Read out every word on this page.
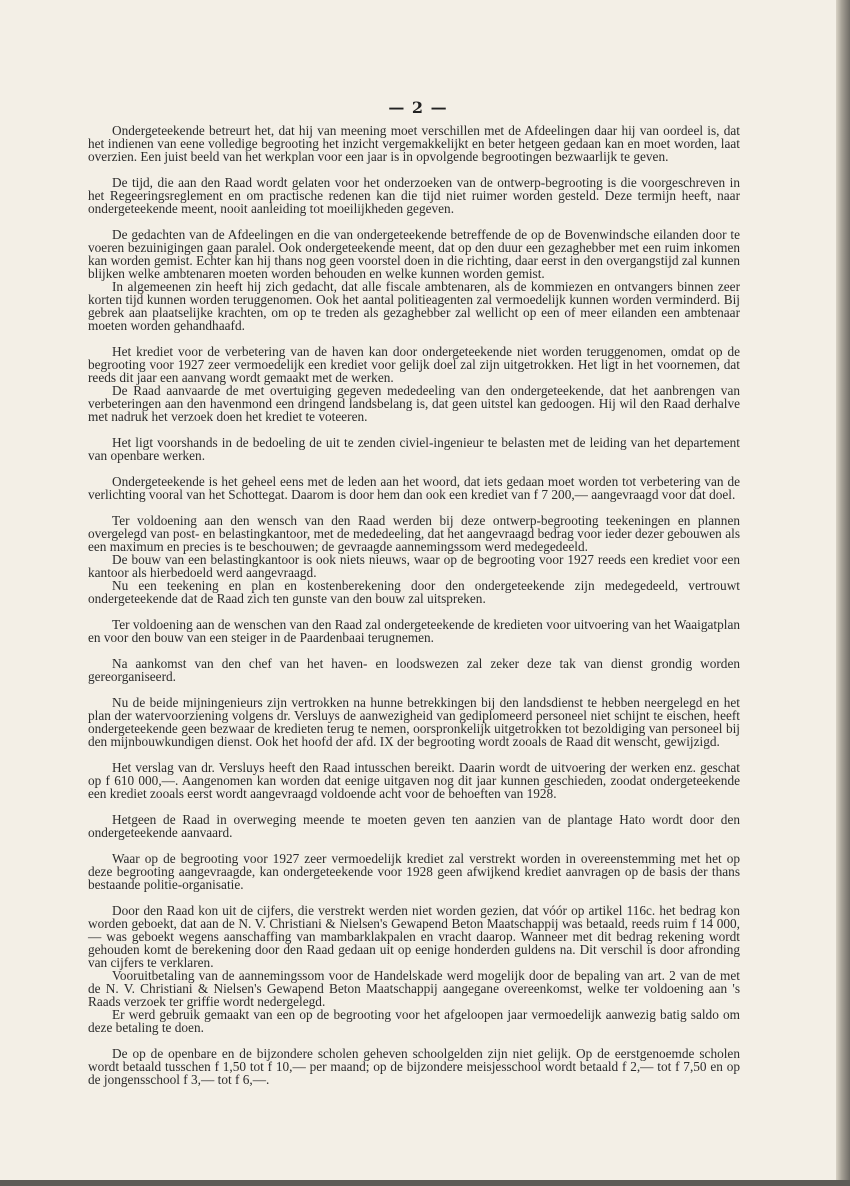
— 2 —

Ondergeteekende betreurt het, dat hij van meening moet verschillen met de Afdeelingen daar hij van oordeel is, dat het indienen van eene volledige begrooting het inzicht vergemakkelijkt en beter hetgeen gedaan kan en moet worden, laat overzien. Een juist beeld van het werkplan voor een jaar is in opvolgende begrootingen bezwaarlijk te geven.

De tijd, die aan den Raad wordt gelaten voor het onderzoeken van de ontwerp-begrooting is die voorgeschreven in het Regeeringsreglement en om practische redenen kan die tijd niet ruimer worden gesteld. Deze termijn heeft, naar ondergeteekende meent, nooit aanleiding tot moeilijkheden gegeven.

De gedachten van de Afdeelingen en die van ondergeteekende betreffende de op de Bovenwindsche eilanden door te voeren bezuinigingen gaan paralel. Ook ondergeteekende meent, dat op den duur een gezaghebber met een ruim inkomen kan worden gemist. Echter kan hij thans nog geen voorstel doen in die richting, daar eerst in den overgangstijd zal kunnen blijken welke ambtenaren moeten worden behouden en welke kunnen worden gemist.

In algemeenen zin heeft hij zich gedacht, dat alle fiscale ambtenaren, als de kommiezen en ontvangers binnen zeer korten tijd kunnen worden teruggenomen. Ook het aantal politieagenten zal vermoedelijk kunnen worden verminderd. Bij gebrek aan plaatselijke krachten, om op te treden als gezaghebber zal wellicht op een of meer eilanden een ambtenaar moeten worden gehandhaafd.

Het krediet voor de verbetering van de haven kan door ondergeteekende niet worden teruggenomen, omdat op de begrooting voor 1927 zeer vermoedelijk een krediet voor gelijk doel zal zijn uitgetrokken. Het ligt in het voornemen, dat reeds dit jaar een aanvang wordt gemaakt met de werken.

De Raad aanvaarde de met overtuiging gegeven mededeeling van den ondergeteekende, dat het aanbrengen van verbeteringen aan den havenmond een dringend landsbelang is, dat geen uitstel kan gedoogen. Hij wil den Raad derhalve met nadruk het verzoek doen het krediet te voteeren.

Het ligt voorshands in de bedoeling de uit te zenden civiel-ingenieur te belasten met de leiding van het departement van openbare werken.

Ondergeteekende is het geheel eens met de leden aan het woord, dat iets gedaan moet worden tot verbetering van de verlichting vooral van het Schottegat. Daarom is door hem dan ook een krediet van f 7 200,— aangevraagd voor dat doel.

Ter voldoening aan den wensch van den Raad werden bij deze ontwerp-begrooting teekeningen en plannen overgelegd van post- en belastingkantoor, met de mededeeling, dat het aangevraagd bedrag voor ieder dezer gebouwen als een maximum en precies is te beschouwen; de gevraagde aannemingssom werd medegedeeld.

De bouw van een belastingkantoor is ook niets nieuws, waar op de begrooting voor 1927 reeds een krediet voor een kantoor als hierbedoeld werd aangevraagd.

Nu een teekening en plan en kostenberekening door den ondergeteekende zijn medegedeeld, vertrouwt ondergeteekende dat de Raad zich ten gunste van den bouw zal uitspreken.

Ter voldoening aan de wenschen van den Raad zal ondergeteekende de kredieten voor uitvoering van het Waaigatplan en voor den bouw van een steiger in de Paardenbaai terugnemen.

Na aankomst van den chef van het haven- en loodswezen zal zeker deze tak van dienst grondig worden gereorganiseerd.

Nu de beide mijningenieurs zijn vertrokken na hunne betrekkingen bij den landsdienst te hebben neergelegd en het plan der watervoorziening volgens dr. Versluys de aanwezigheid van gediplomeerd personeel niet schijnt te eischen, heeft ondergeteekende geen bezwaar de kredieten terug te nemen, oorspronkelijk uitgetrokken tot bezoldiging van personeel bij den mijnbouwkundigen dienst. Ook het hoofd der afd. IX der begrooting wordt zooals de Raad dit wenscht, gewijzigd.

Het verslag van dr. Versluys heeft den Raad intusschen bereikt. Daarin wordt de uitvoering der werken enz. geschat op f 610 000,—. Aangenomen kan worden dat eenige uitgaven nog dit jaar kunnen geschieden, zoodat ondergeteekende een krediet zooals eerst wordt aangevraagd voldoende acht voor de behoeften van 1928.

Hetgeen de Raad in overweging meende te moeten geven ten aanzien van de plantage Hato wordt door den ondergeteekende aanvaard.

Waar op de begrooting voor 1927 zeer vermoedelijk krediet zal verstrekt worden in overeenstemming met het op deze begrooting aangevraagde, kan ondergeteekende voor 1928 geen afwijkend krediet aanvragen op de basis der thans bestaande politie-organisatie.

Door den Raad kon uit de cijfers, die verstrekt werden niet worden gezien, dat vóór op artikel 116c. het bedrag kon worden geboekt, dat aan de N. V. Christiani & Nielsen's Gewapend Beton Maatschappij was betaald, reeds ruim f 14 000,— was geboekt wegens aanschaffing van mambarklakpalen en vracht daarop. Wanneer met dit bedrag rekening wordt gehouden komt de berekening door den Raad gedaan uit op eenige honderden guldens na. Dit verschil is door afronding van cijfers te verklaren.

Vooruitbetaling van de aannemingssom voor de Handelskade werd mogelijk door de bepaling van art. 2 van de met de N. V. Christiani & Nielsen's Gewapend Beton Maatschappij aangegane overeenkomst, welke ter voldoening aan 's Raads verzoek ter griffie wordt nedergelegd.

Er werd gebruik gemaakt van een op de begrooting voor het afgeloopen jaar vermoedelijk aanwezig batig saldo om deze betaling te doen.

De op de openbare en de bijzondere scholen geheven schoolgelden zijn niet gelijk. Op de eerstgenoemde scholen wordt betaald tusschen f 1,50 tot f 10,— per maand; op de bijzondere meisjesschool wordt betaald f 2,— tot f 7,50 en op de jongensschool f 3,— tot f 6,—.
